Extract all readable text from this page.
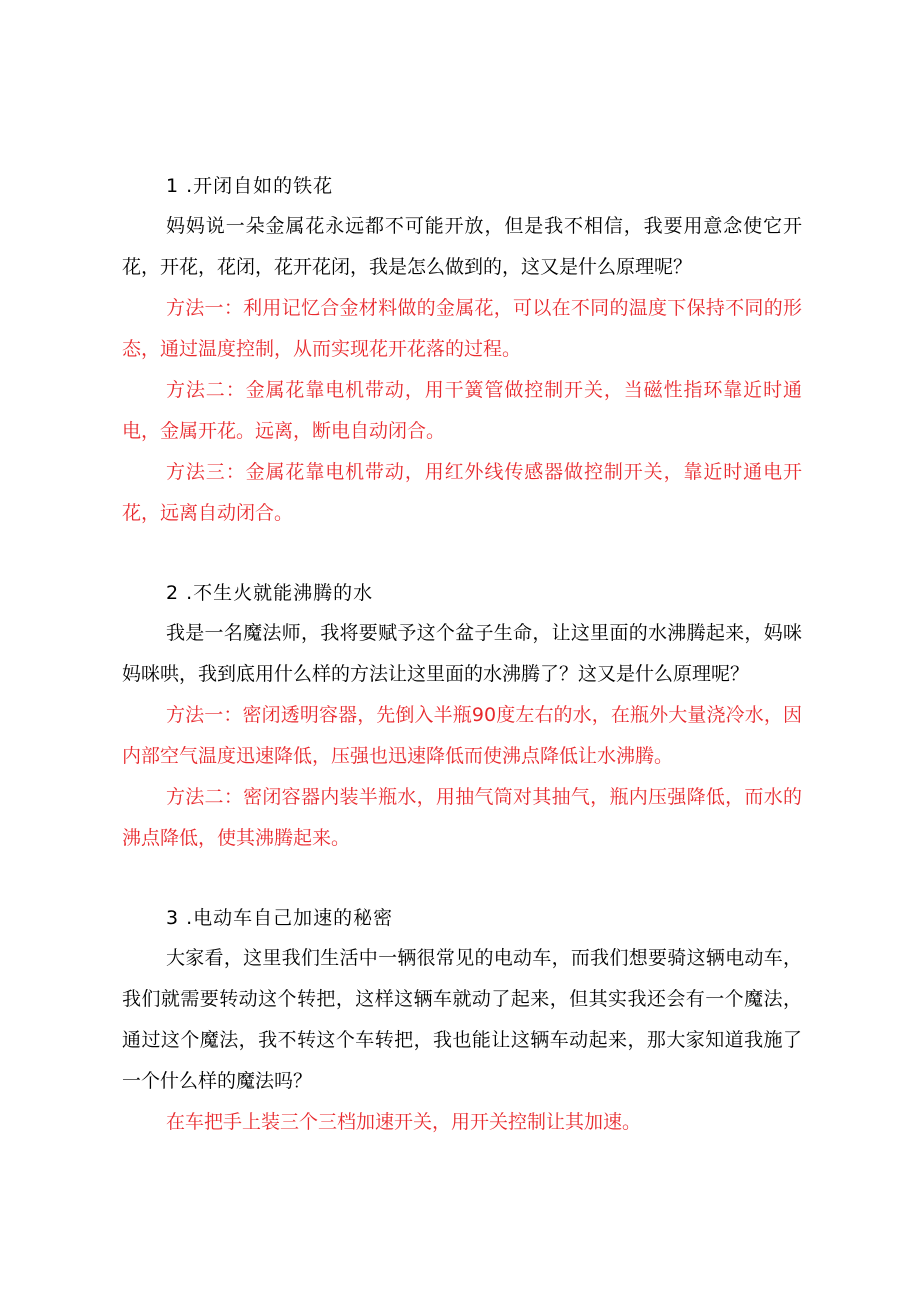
1 .开闭自如的铁花

妈妈说一朵金属花永远都不可能开放，但是我不相信，我要用意念使它开花，开花，花闭，花开花闭，我是怎么做到的，这又是什么原理呢？

方法一：利用记忆合金材料做的金属花，可以在不同的温度下保持不同的形态，通过温度控制，从而实现花开花落的过程。

方法二：金属花靠电机带动，用干簧管做控制开关，当磁性指环靠近时通电，金属开花。远离，断电自动闭合。

方法三：金属花靠电机带动，用红外线传感器做控制开关，靠近时通电开花，远离自动闭合。

2 .不生火就能沸腾的水

我是一名魔法师，我将要赋予这个盆子生命，让这里面的水沸腾起来，妈咪妈咪哄，我到底用什么样的方法让这里面的水沸腾了？这又是什么原理呢？

方法一：密闭透明容器，先倒入半瓶90度左右的水，在瓶外大量浇冷水，因内部空气温度迅速降低，压强也迅速降低而使沸点降低让水沸腾。

方法二：密闭容器内装半瓶水，用抽气筒对其抽气，瓶内压强降低，而水的沸点降低，使其沸腾起来。

3 .电动车自己加速的秘密

大家看，这里我们生活中一辆很常见的电动车，而我们想要骑这辆电动车，我们就需要转动这个转把，这样这辆车就动了起来，但其实我还会有一个魔法，通过这个魔法，我不转这个车转把，我也能让这辆车动起来，那大家知道我施了一个什么样的魔法吗？

在车把手上装三个三档加速开关，用开关控制让其加速。
